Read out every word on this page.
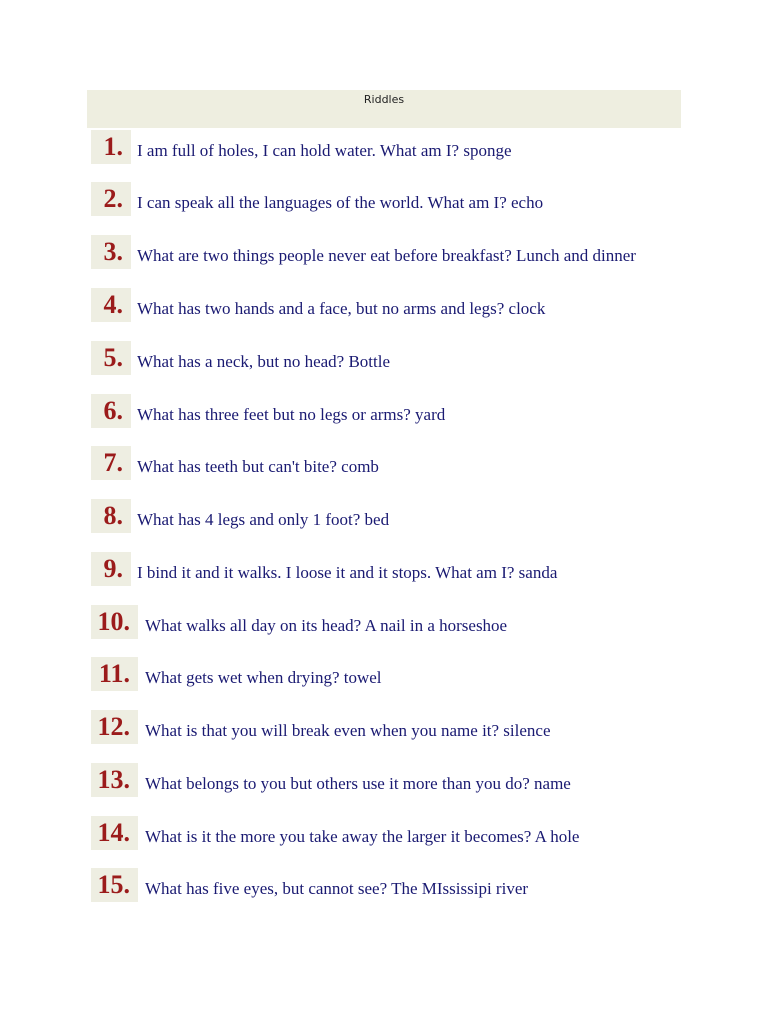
Riddles
1. I am full of holes, I can hold water. What am I? sponge
2. I can speak all the languages of the world. What am I? echo
3. What are two things people never eat before breakfast? Lunch and dinner
4. What has two hands and a face, but no arms and legs? clock
5. What has a neck, but no head? Bottle
6. What has three feet but no legs or arms? yard
7. What has teeth but can't bite? comb
8. What has 4 legs and only 1 foot? bed
9. I bind it and it walks. I loose it and it stops. What am I? sanda
10. What walks all day on its head? A nail in a horseshoe
11. What gets wet when drying? towel
12. What is that you will break even when you name it? silence
13. What belongs to you but others use it more than you do? name
14. What is it the more you take away the larger it becomes? A hole
15. What has five eyes, but cannot see? The MIssissipi river
